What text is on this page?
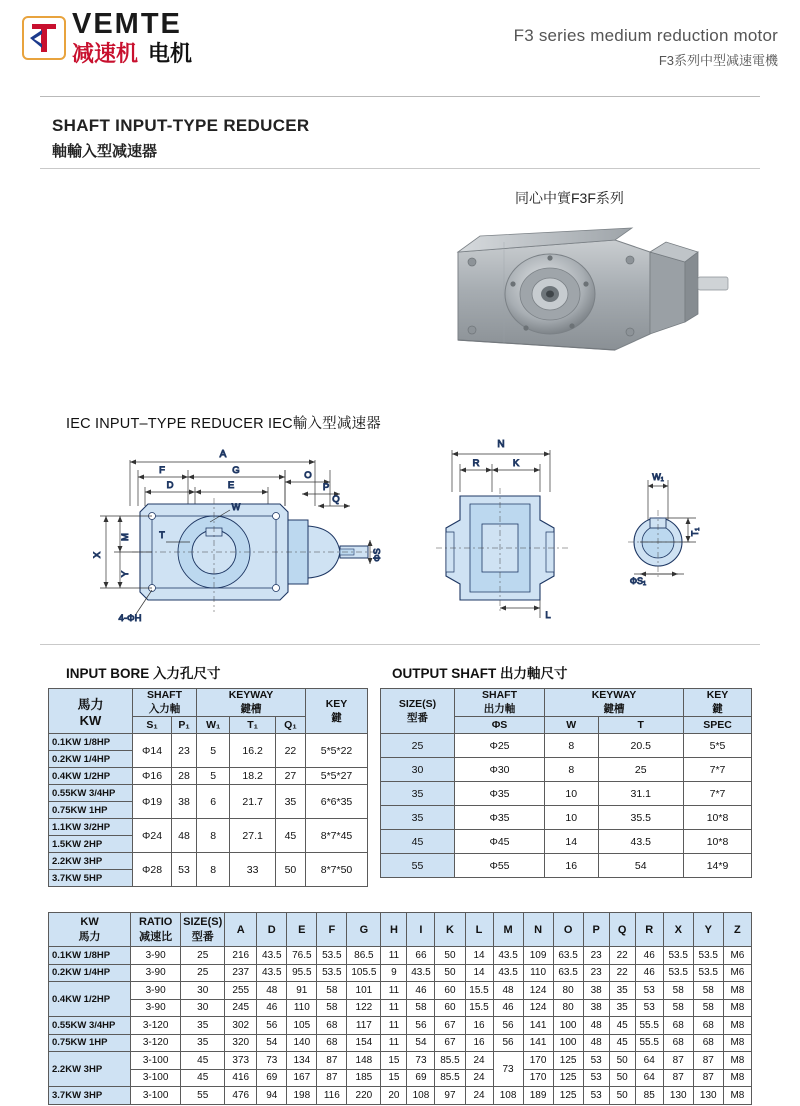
VEMTE
减速机 电机
F3 series medium reduction motor
F3系列中型减速電機
SHAFT INPUT-TYPE REDUCER
軸輸入型减速器
同心中實F3F系列
IEC INPUT–TYPE REDUCER IEC輸入型减速器
A
F	G
D	E
O
P
Q
X
M
Y
T
W
ΦS
4-ΦH
N
R	K
L
W₁
T₁
ΦS₁
INPUT BORE 入力孔尺寸	OUTPUT SHAFT 出力軸尺寸
馬力
KW	SHAFT
入力軸		KEYWAY
鍵槽			KEY
鍵
	S₁	P₁	W₁	T₁	Q₁	
0.1KW 1/8HP	Φ14	23	5	16.2	22	5*5*22
0.2KW 1/4HP						
0.4KW 1/2HP	Φ16	28	5	18.2	27	5*5*27
0.55KW 3/4HP	Φ19	38	6	21.7	35	6*6*35
0.75KW 1HP						
1.1KW 3/2HP	Φ24	48	8	27.1	45	8*7*45
1.5KW 2HP						
2.2KW 3HP	Φ28	53	8	33	50	8*7*50
3.7KW 5HP						
SIZE(S)
型番	SHAFT
出力軸	KEYWAY
鍵槽		KEY
鍵
	ΦS	W	T	SPEC
25	Φ25	8	20.5	5*5
30	Φ30	8	25	7*7
35	Φ35	10	31.1	7*7
35	Φ35	10	35.5	10*8
45	Φ45	14	43.5	10*8
55	Φ55	16	54	14*9
KW
馬力	RATIO
减速比	SIZE(S)
型番	A	D	E	F	G	H	I	K	L	M	N	O	P	Q	R	X	Y	Z
0.1KW 1/8HP	3-90	25	216	43.5	76.5	53.5	86.5	11	66	50	14	43.5	109	63.5	23	22	46	53.5	53.5	M6
0.2KW 1/4HP	3-90	25	237	43.5	95.5	53.5	105.5	9	43.5	50	14	43.5	110	63.5	23	22	46	53.5	53.5	M6
0.4KW 1/2HP	3-90	30	255	48	91	58	101	11	46	60	15.5	48	124	80	38	35	53	58	58	M8
	3-90	30	245	46	110	58	122	11	58	60	15.5	46	124	80	38	35	53	58	58	M8
0.55KW 3/4HP	3-120	35	302	56	105	68	117	11	56	67	16	56	141	100	48	45	55.5	68	68	M8
0.75KW 1HP	3-120	35	320	54	140	68	154	11	54	67	16	56	141	100	48	45	55.5	68	68	M8
2.2KW 3HP	3-100	45	373	73	134	87	148	15	73	85.5	24	73	170	125	53	50	64	87	87	M8
	3-100	45	416	69	167	87	185	15	69	85.5	24		170	125	53	50	64	87	87	M8
3.7KW 3HP	3-100	55	476	94	198	116	220	20	108	97	24	108	189	125	53	50	85	130	130	M8
